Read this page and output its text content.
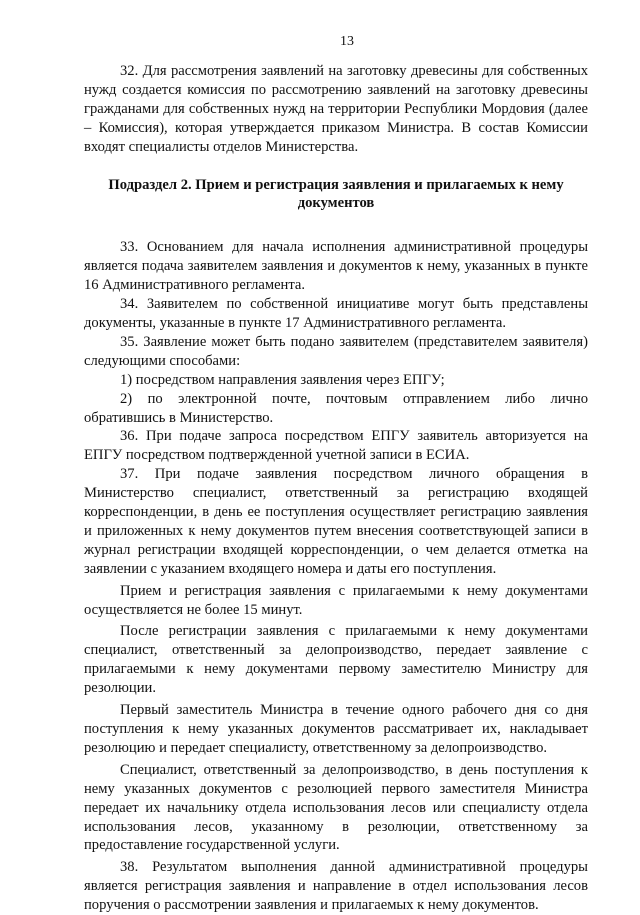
13

32. Для рассмотрения заявлений на заготовку древесины для собственных нужд создается комиссия по рассмотрению заявлений на заготовку древесины гражданами для собственных нужд на территории Республики Мордовия (далее – Комиссия), которая утверждается приказом Министра. В состав Комиссии входят специалисты отделов Министерства.

Подраздел 2. Прием и регистрация заявления и прилагаемых к нему документов

33. Основанием для начала исполнения административной процедуры является подача заявителем заявления и документов к нему, указанных в пункте 16 Административного регламента.

34. Заявителем по собственной инициативе могут быть представлены документы, указанные в пункте 17 Административного регламента.

35. Заявление может быть подано заявителем (представителем заявителя) следующими способами:

1) посредством направления заявления через ЕПГУ;

2) по электронной почте, почтовым отправлением либо лично обратившись в Министерство.

36. При подаче запроса посредством ЕПГУ заявитель авторизуется на ЕПГУ посредством подтвержденной учетной записи в ЕСИА.

37. При подаче заявления посредством личного обращения в Министерство специалист, ответственный за регистрацию входящей корреспонденции, в день ее поступления осуществляет регистрацию заявления и приложенных к нему документов путем внесения соответствующей записи в журнал регистрации входящей корреспонденции, о чем делается отметка на заявлении с указанием входящего номера и даты его поступления.

Прием и регистрация заявления с прилагаемыми к нему документами осуществляется не более 15 минут.

После регистрации заявления с прилагаемыми к нему документами специалист, ответственный за делопроизводство, передает заявление с прилагаемыми к нему документами первому заместителю Министру для резолюции.

Первый заместитель Министра в течение одного рабочего дня со дня поступления к нему указанных документов рассматривает их, накладывает резолюцию и передает специалисту, ответственному за делопроизводство.

Специалист, ответственный за делопроизводство, в день поступления к нему указанных документов с резолюцией первого заместителя Министра передает их начальнику отдела использования лесов или специалисту отдела использования лесов, указанному в резолюции, ответственному за предоставление государственной услуги.

38. Результатом выполнения данной административной процедуры является регистрация заявления и направление в отдел использования лесов поручения о рассмотрении заявления и прилагаемых к нему документов.
